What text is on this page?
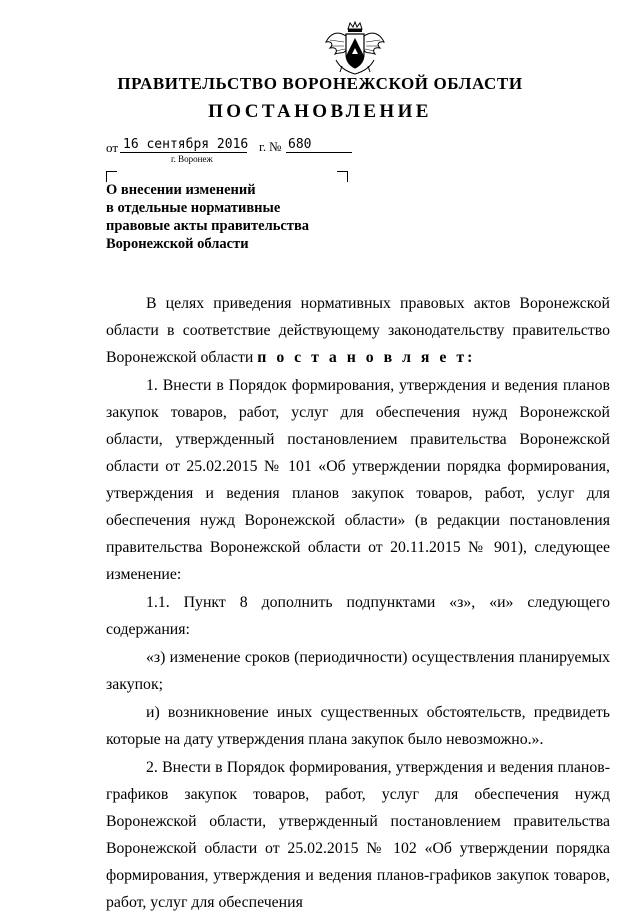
ПРАВИТЕЛЬСТВО ВОРОНЕЖСКОЙ ОБЛАСТИ
ПОСТАНОВЛЕНИЕ
от 16 сентября 2016 г. № 680
г. Воронеж
О внесении изменений
в отдельные нормативные
правовые акты правительства
Воронежской области

В целях приведения нормативных правовых актов Воронежской области в соответствие действующему законодательству правительство Воронежской области п о с т а н о в л я е т:

1. Внести в Порядок формирования, утверждения и ведения планов закупок товаров, работ, услуг для обеспечения нужд Воронежской области, утвержденный постановлением правительства Воронежской области от 25.02.2015 № 101 «Об утверждении порядка формирования, утверждения и ведения планов закупок товаров, работ, услуг для обеспечения нужд Воронежской области» (в редакции постановления правительства Воронежской области от 20.11.2015 № 901), следующее изменение:

1.1. Пункт 8 дополнить подпунктами «з», «и» следующего содержания:

«з) изменение сроков (периодичности) осуществления планируемых закупок;

и) возникновение иных существенных обстоятельств, предвидеть которые на дату утверждения плана закупок было невозможно.».

2. Внести в Порядок формирования, утверждения и ведения планов-графиков закупок товаров, работ, услуг для обеспечения нужд Воронежской области, утвержденный постановлением правительства Воронежской области от 25.02.2015 № 102 «Об утверждении порядка формирования, утверждения и ведения планов-графиков закупок товаров, работ, услуг для обеспечения
